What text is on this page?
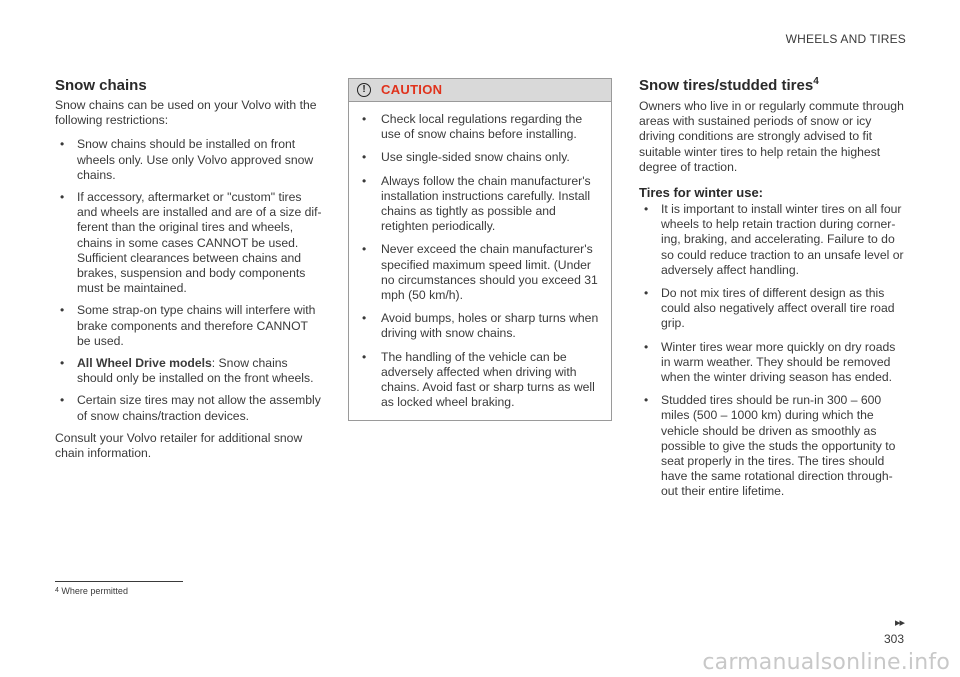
WHEELS AND TIRES
Snow chains

Snow chains can be used on your Volvo with the following restrictions:

• Snow chains should be installed on front wheels only. Use only Volvo approved snow chains.
• If accessory, aftermarket or "custom" tires and wheels are installed and are of a size dif-ferent than the original tires and wheels, chains in some cases CANNOT be used. Sufficient clearances between chains and brakes, suspension and body components must be maintained.
• Some strap-on type chains will interfere with brake components and therefore CANNOT be used.
• All Wheel Drive models: Snow chains should only be installed on the front wheels.
• Certain size tires may not allow the assembly of snow chains/traction devices.

Consult your Volvo retailer for additional snow chain information.

!	CAUTION
• Check local regulations regarding the use of snow chains before installing.
• Use single-sided snow chains only.
• Always follow the chain manufacturer's installation instructions carefully. Install chains as tightly as possible and retighten periodically.
• Never exceed the chain manufacturer's specified maximum speed limit. (Under no circumstances should you exceed 31 mph (50 km/h).
• Avoid bumps, holes or sharp turns when driving with snow chains.
• The handling of the vehicle can be adversely affected when driving with chains. Avoid fast or sharp turns as well as locked wheel braking.
Snow tires/studded tires$^4$

Owners who live in or regularly commute through areas with sustained periods of snow or icy driving conditions are strongly advised to fit suitable winter tires to help retain the highest degree of traction.

Tires for winter use:
• It is important to install winter tires on all four wheels to help retain traction during corner-ing, braking, and accelerating. Failure to do so could reduce traction to an unsafe level or adversely affect handling.
• Do not mix tires of different design as this could also negatively affect overall tire road grip.
• Winter tires wear more quickly on dry roads in warm weather. They should be removed when the winter driving season has ended.
• Studded tires should be run-in 300 – 600 miles (500 – 1000 km) during which the vehicle should be driven as smoothly as possible to give the studs the opportunity to seat properly in the tires. The tires should have the same rotational direction through-out their entire lifetime.
$^4$ Where permitted
▸▸
303
carmanualsonline.info
